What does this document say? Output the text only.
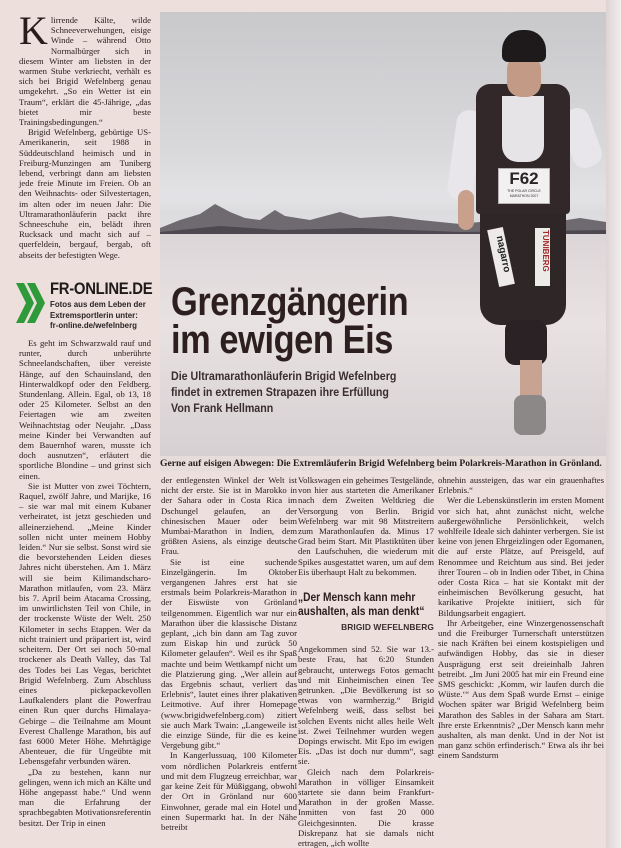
Klirrende Kälte, wilde Schneeverwehungen, eisige Winde – während Otto Normalbürger sich in diesem Winter am liebsten in der warmen Stube verkriecht, verhält es sich bei Brigid Wefelnberg genau umgekehrt. „So ein Wetter ist ein Traum“, erklärt die 45-Jährige, „das bietet mir beste Trainingsbedingungen.“

Brigid Wefelnberg, gebürtige US-Amerikanerin, seit 1988 in Süddeutschland heimisch und in Freiburg-Munzingen am Tuniberg lebend, verbringt dann am liebsten jede freie Minute im Freien. Ob an den Weihnachts- oder Silvestertagen, im alten oder im neuen Jahr: Die Ultramarathonläuferin packt ihre Schneeschuhe ein, belädt ihren Rucksack und macht sich auf – querfeldein, bergauf, bergab, oft abseits der befestigten Wege.

FR-ONLINE.DE
Fotos aus dem Leben der
Extremsportlerin unter:
fr-online.de/wefelnberg

Es geht im Schwarzwald rauf und runter, durch unberührte Schneelandschaften, über vereiste Hänge, auf den Schauinsland, den Hinterwaldkopf oder den Feldberg. Stundenlang. Allein. Egal, ob 13, 18 oder 25 Kilometer. Selbst an den Feiertagen wie am zweiten Weihnachtstag oder Neujahr. „Dass meine Kinder bei Verwandten auf dem Bauernhof waren, musste ich doch ausnutzen“, erläutert die sportliche Blondine – und grinst sich einen.

Sie ist Mutter von zwei Töchtern, Raquel, zwölf Jahre, und Marijke, 16 – sie war mal mit einem Kubaner verheiratet, ist jetzt geschieden und alleinerziehend. „Meine Kinder sollen nicht unter meinem Hobby leiden.“ Nur sie selbst. Sonst wird sie die bevorstehenden Leiden dieses Jahres nicht überstehen. Am 1. März will sie beim Kilimandscharo-Marathon mitlaufen, vom 23. März bis 7. April beim Atacama Crossing, im unwirtlichsten Teil von Chile, in der trockenste Wüste der Welt. 250 Kilometer in sechs Etappen. Wer da nicht trainiert und präpariert ist, wird scheitern. Der Ort sei noch 50-mal trockener als Death Valley, das Tal des Todes bei Las Vegas, berichtet Brigid Wefelnberg. Zum Abschluss eines pickepackevollen Laufkalenders plant die Powerfrau einen Run quer durchs Himalaya-Gebirge – die Teilnahme am Mount Everest Challenge Marathon, bis auf fast 6000 Meter Höhe. Mehrtägige Abenteuer, die für Ungeübte mit Lebensgefahr verbunden wären.

„Da zu bestehen, kann nur gelingen, wenn ich mich an Kälte und Höhe angepasst habe.“ Und wenn man die Erfahrung der sprachbegabten Motivationsreferentin besitzt. Der Trip in einen

F62
THE POLAR CIRCLE MARATHON 2007
nagarro	TUNIBERG
Grenzgängerin
im ewigen Eis
Die Ultramarathonläuferin Brigid Wefelnberg
findet in extremen Strapazen ihre Erfüllung
Von Frank Hellmann
Gerne auf eisigen Abwegen: Die Extremläuferin Brigid Wefelnberg beim Polarkreis-Marathon in Grönland.

der entlegensten Winkel der Welt ist nicht der erste. Sie ist in Marokko in der Sahara oder in Costa Rica im Dschungel gelaufen, an der chinesischen Mauer oder beim Mumbai-Marathon in Indien, dem größten Asiens, als einzige deutsche Frau.

Sie ist eine suchende Einzelgängerin. Im Oktober vergangenen Jahres erst hat sie erstmals beim Polarkreis-Marathon in der Eiswüste von Grönland teilgenommen. Eigentlich war nur ein Marathon über die klassische Distanz geplant, „ich bin dann am Tag zuvor zum Eiskap hin und zurück 50 Kilometer gelaufen“. Weil es ihr Spaß machte und beim Wettkampf nicht um die Platzierung ging. „Wer allein auf das Ergebnis schaut, verliert das Erlebnis“, lautet eines ihrer plakativen Leitmotive. Auf ihrer Homepage (www.brigidwefelnberg.com) zitiert sie auch Mark Twain: „Langeweile ist die einzige Sünde, für die es keine Vergebung gibt.“

In Kangerlussuaq, 100 Kilometer vom nördlichen Polarkreis entfernt und mit dem Flugzeug erreichbar, war gar keine Zeit für Müßiggang, obwohl der Ort in Grönland nur 600 Einwohner, gerade mal ein Hotel und einen Supermarkt hat. In der Nähe betreibt

Volkswagen ein geheimes Testgelände, von hier aus starteten die Amerikaner nach dem Zweiten Weltkrieg die Versorgung von Berlin. Brigid Wefelnberg war mit 98 Mitstreitern zum Marathonlaufen da. Minus 17 Grad beim Start. Mit Plastiktüten über den Laufschuhen, die wiederum mit Spikes ausgestattet waren, um auf dem Eis überhaupt Halt zu bekommen.

„Der Mensch kann mehr aushalten, als man denkt“
BRIGID WEFELNBERG

Angekommen sind 52. Sie war 13.-beste Frau, hat 6:20 Stunden gebraucht, unterwegs Fotos gemacht und mit Einheimischen einen Tee getrunken. „Die Bevölkerung ist so etwas von warmherzig.“ Brigid Wefelnberg weiß, dass selbst bei solchen Events nicht alles heile Welt ist. Zwei Teilnehmer wurden wegen Dopings erwischt. Mit Epo im ewigen Eis. „Das ist doch nur dumm“, sagt sie.

Gleich nach dem Polarkreis-Marathon in völliger Einsamkeit startete sie dann beim Frankfurt-Marathon in der großen Masse. Inmitten von fast 20 000 Gleichgesinnten. Die krasse Diskrepanz hat sie damals nicht ertragen, „ich wollte

ohnehin aussteigen, das war ein grauenhaftes Erlebnis.“

Wer die Lebenskünstlerin im ersten Moment vor sich hat, ahnt zunächst nicht, welche außergewöhnliche Persönlichkeit, welch wohlfeile Ideale sich dahinter verbergen. Sie ist keine von jenen Ehrgeizlingen oder Egomanen, die auf erste Plätze, auf Preisgeld, auf Renommee und Reichtum aus sind. Bei jeder ihrer Touren – ob in Indien oder Tibet, in China oder Costa Rica – hat sie Kontakt mit der einheimischen Bevölkerung gesucht, hat karikative Projekte initiiert, sich für Bildungsarbeit engagiert.

Ihr Arbeitgeber, eine Winzergenossenschaft und die Freiburger Turnerschaft unterstützen sie nach Kräften bei einem kostspieligen und aufwändigen Hobby, das sie in dieser Ausprägung erst seit dreieinhalb Jahren betreibt. „Im Juni 2005 hat mir ein Freund eine SMS geschickt: ‚Komm, wir laufen durch die Wüste.‘“ Aus dem Spaß wurde Ernst – einige Wochen später war Brigid Wefelnberg beim Marathon des Sables in der Sahara am Start. Ihre erste Erkenntnis? „Der Mensch kann mehr aushalten, als man denkt. Und in der Not ist man ganz schön erfinderisch.“ Etwa als ihr bei einem Sandsturm
